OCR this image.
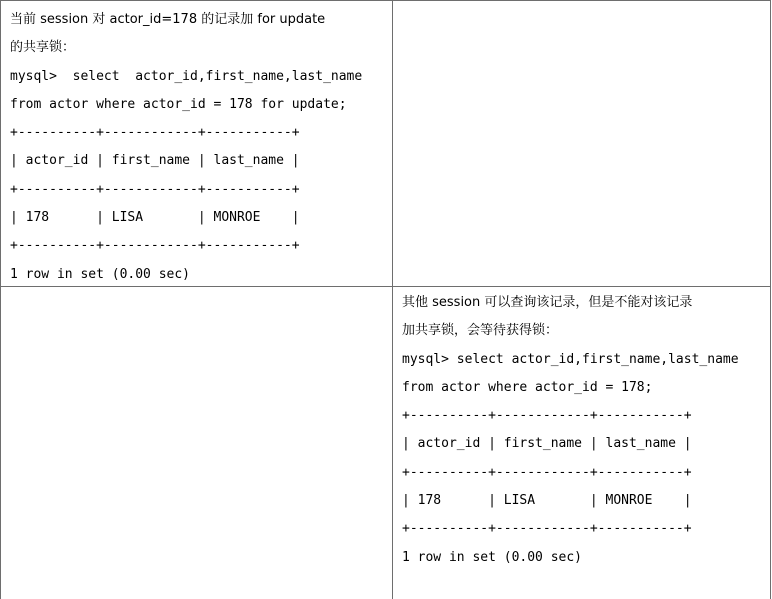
当前 session 对 actor_id=178 的记录加 for update
的共享锁：
mysql>  select  actor_id,first_name,last_name
from actor where actor_id = 178 for update;
+----------+------------+-----------+
| actor_id | first_name | last_name |
+----------+------------+-----------+
| 178      | LISA       | MONROE    |
+----------+------------+-----------+
1 row in set (0.00 sec)
其他 session 可以查询该记录，但是不能对该记录
加共享锁，会等待获得锁：
mysql> select actor_id,first_name,last_name
from actor where actor_id = 178;
+----------+------------+-----------+
| actor_id | first_name | last_name |
+----------+------------+-----------+
| 178      | LISA       | MONROE    |
+----------+------------+-----------+
1 row in set (0.00 sec)
